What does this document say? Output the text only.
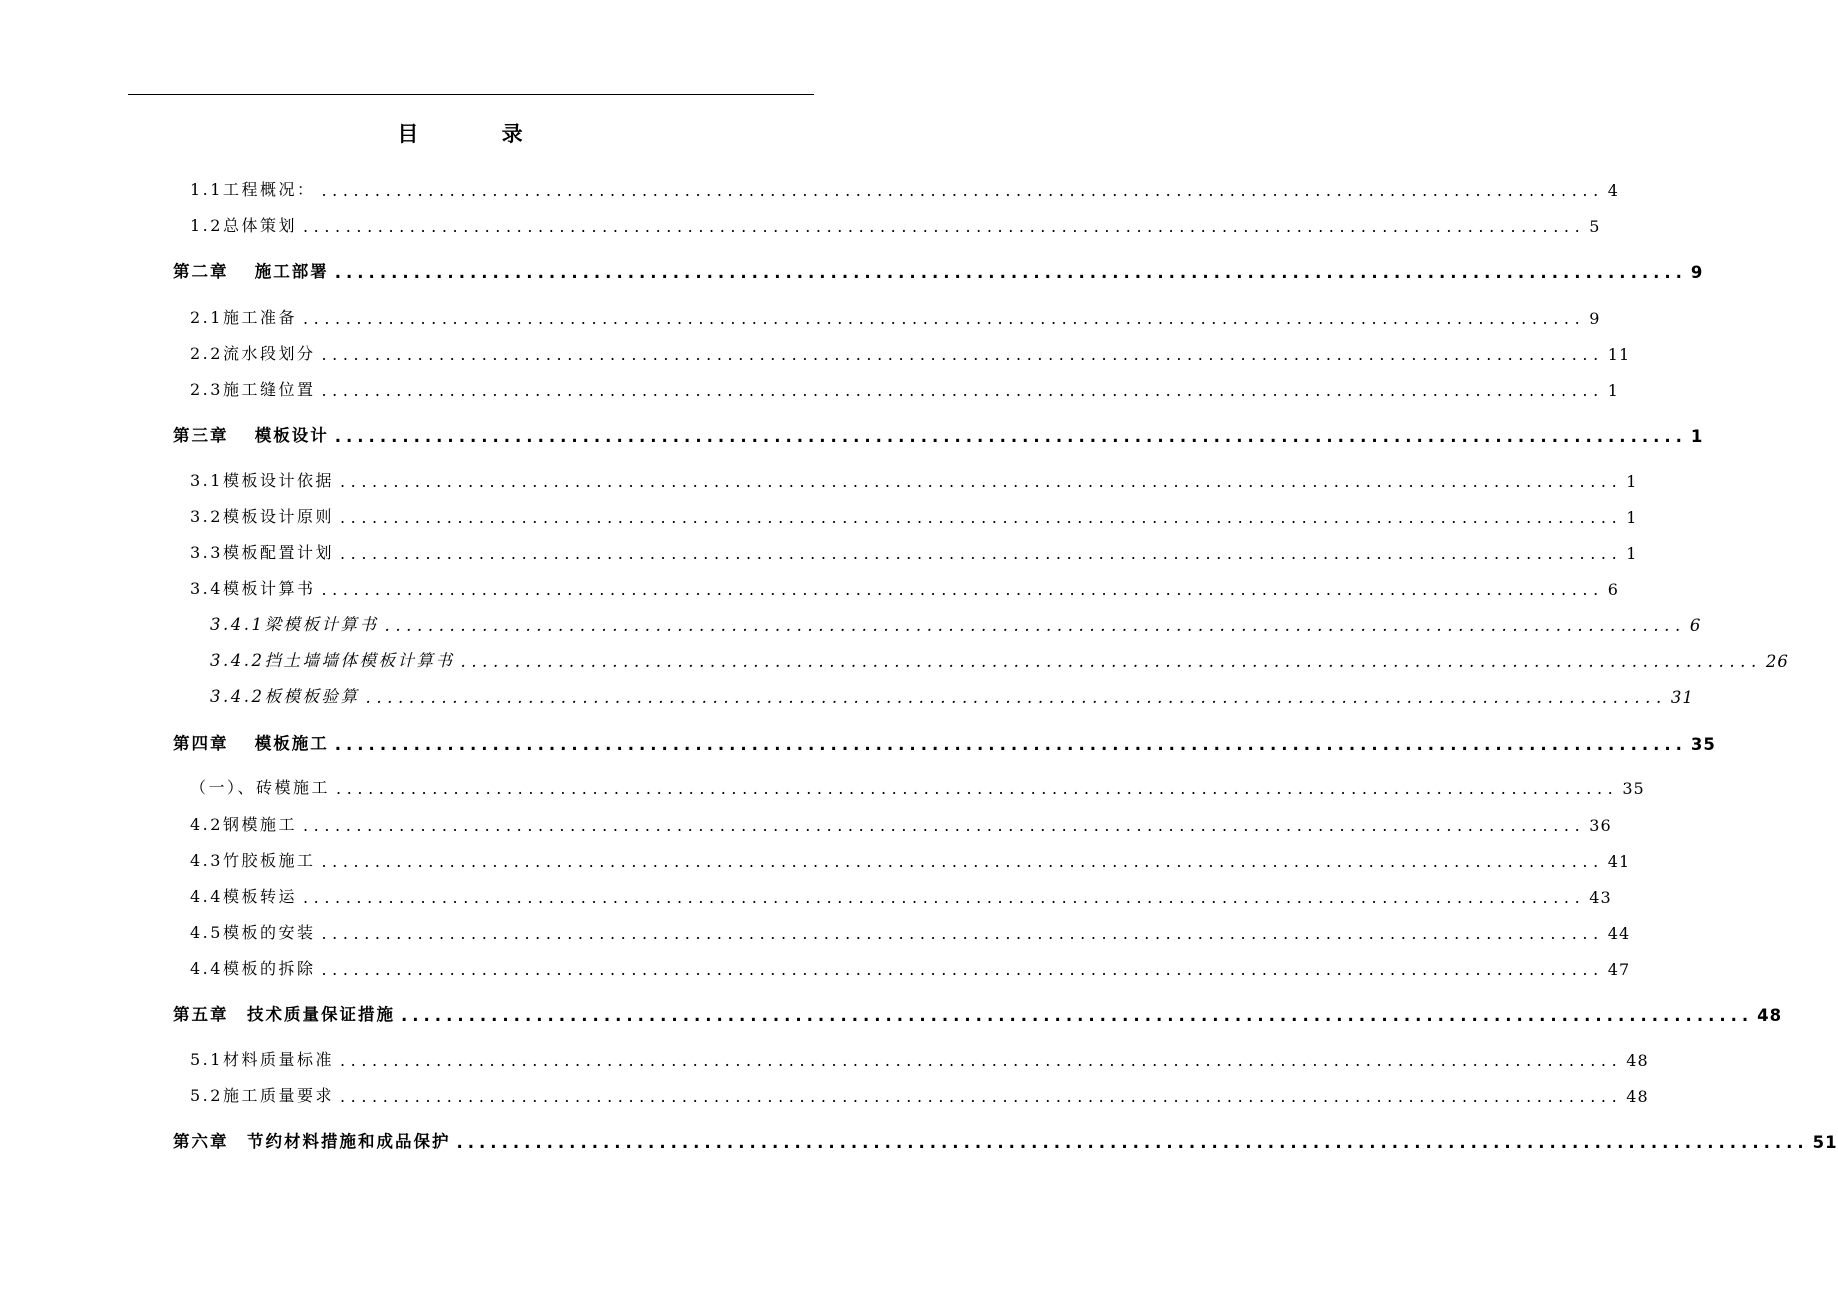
目 录
1.1工程概况： ........................................................................................................................ 4
1.2总体策划 ........................................................................................................................ 5
第二章　 施工部署 ........................................................................................................................ 9
2.1施工准备 ........................................................................................................................ 9
2.2流水段划分 ........................................................................................................................ 11
2.3施工缝位置 ........................................................................................................................ 1
第三章　 模板设计 ........................................................................................................................ 1
3.1模板设计依据 ........................................................................................................................ 1
3.2模板设计原则 ........................................................................................................................ 1
3.3模板配置计划 ........................................................................................................................ 1
3.4模板计算书 ........................................................................................................................ 6
3.4.1梁模板计算书 ........................................................................................................................ 6
3.4.2挡土墙墙体模板计算书 ........................................................................................................................ 26
3.4.2板模板验算 ........................................................................................................................ 31
第四章　 模板施工 ........................................................................................................................ 35
（一）、砖模施工 ........................................................................................................................ 35
4.2钢模施工 ........................................................................................................................ 36
4.3竹胶板施工 ........................................................................................................................ 41
4.4模板转运 ........................................................................................................................ 43
4.5模板的安装 ........................................................................................................................ 44
4.4模板的拆除 ........................................................................................................................ 47
第五章　技术质量保证措施 ........................................................................................................................ 48
5.1材料质量标准 ........................................................................................................................ 48
5.2施工质量要求 ........................................................................................................................ 48
第六章　节约材料措施和成品保护 ........................................................................................................................ 51
